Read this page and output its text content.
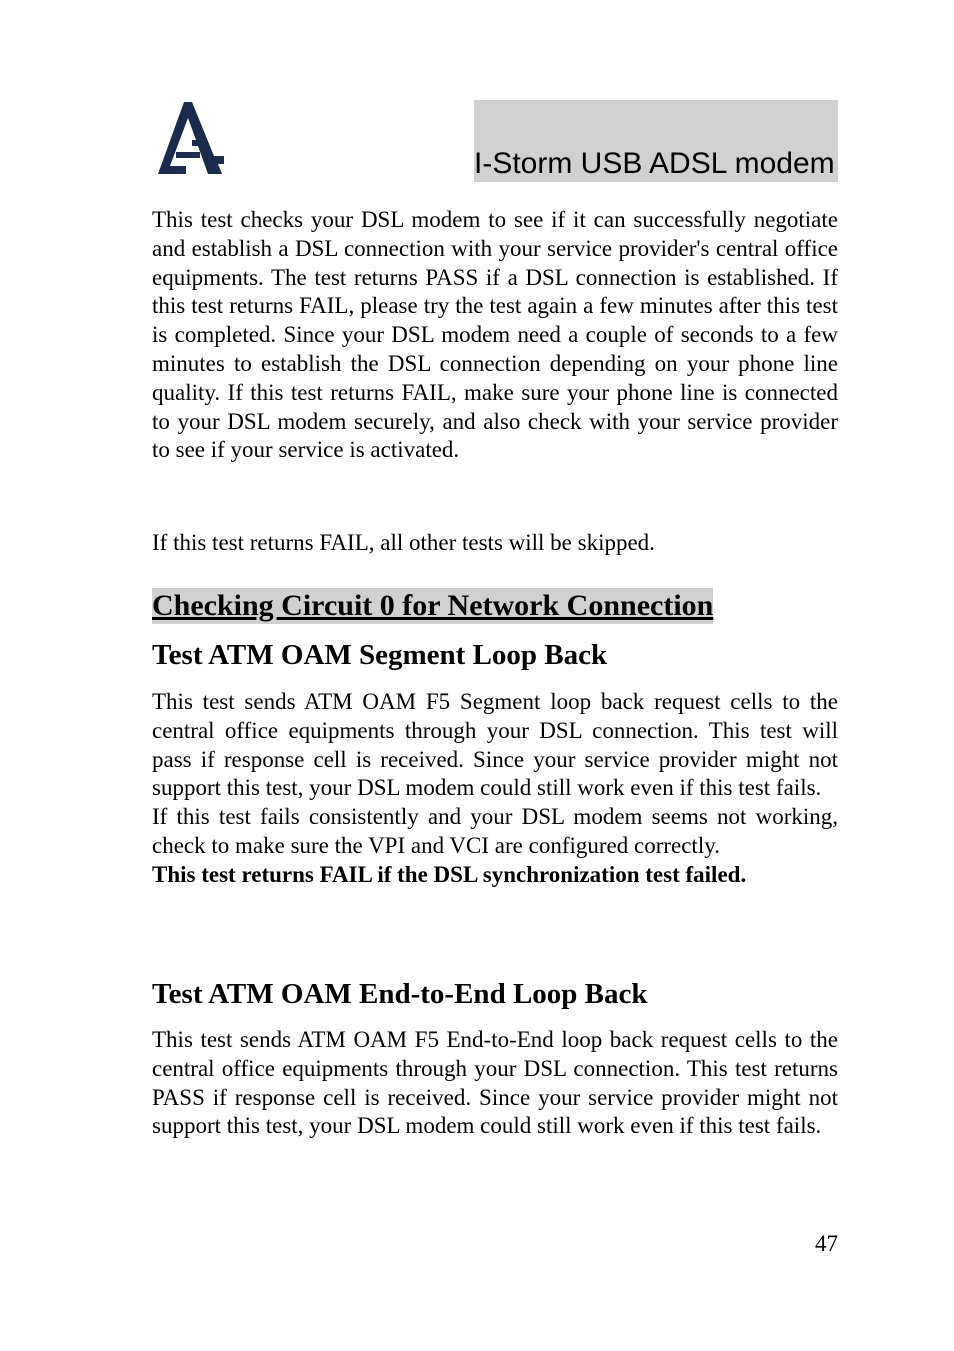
I-Storm USB ADSL modem

This test checks your DSL modem to see if it can successfully negotiate and establish a DSL connection with your service provider's central office equipments. The test returns PASS if a DSL connection is established. If this test returns FAIL, please try the test again a few minutes after this test is completed. Since your DSL modem need a couple of seconds to a few minutes to establish the DSL connection depending on your phone line quality. If this test returns FAIL, make sure your phone line is connected to your DSL modem securely, and also check with your service provider to see if your service is activated.

If this test returns FAIL, all other tests will be skipped.

Checking Circuit 0 for Network Connection
Test ATM OAM Segment Loop Back

This test sends ATM OAM F5 Segment loop back request cells to the central office equipments through your DSL connection. This test will pass if response cell is received. Since your service provider might not support this test, your DSL modem could still work even if this test fails.

If this test fails consistently and your DSL modem seems not working, check to make sure the VPI and VCI are configured correctly.

This test returns FAIL if the DSL synchronization test failed.

Test ATM OAM End-to-End Loop Back

This test sends ATM OAM F5 End-to-End loop back request cells to the central office equipments through your DSL connection. This test returns PASS if response cell is received. Since your service provider might not support this test, your DSL modem could still work even if this test fails.

47
